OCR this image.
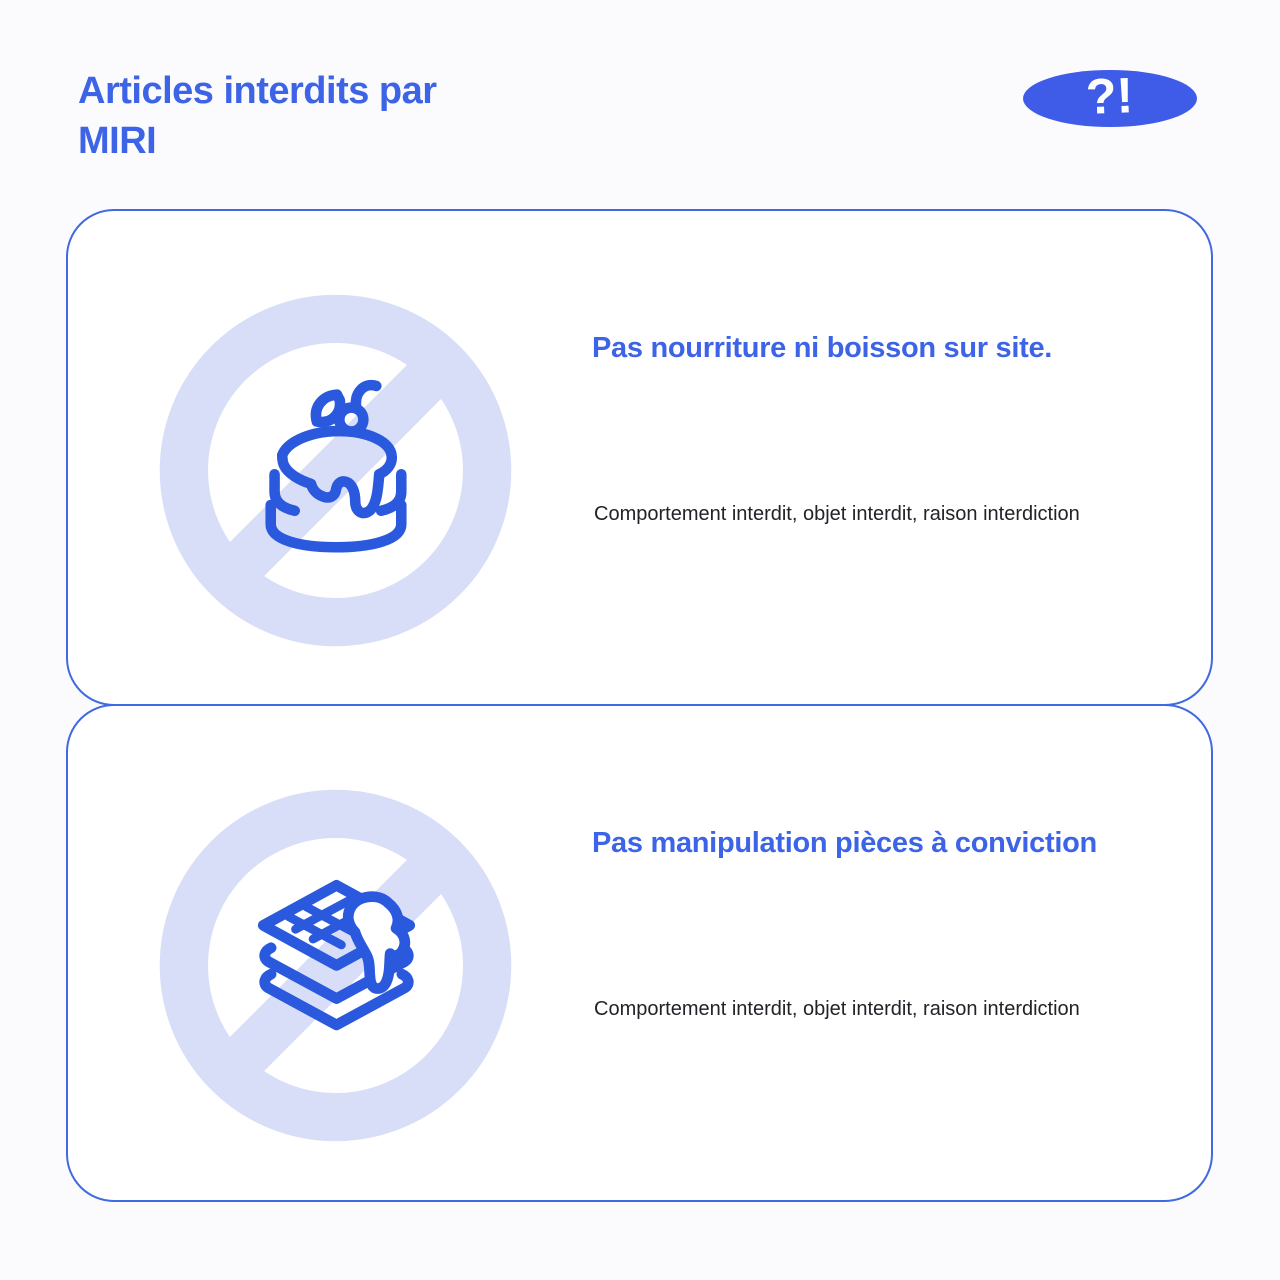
Articles interdits par
MIRI
?!
Pas nourriture ni boisson sur site.

Comportement interdit, objet interdit, raison interdiction

Pas manipulation pièces à conviction

Comportement interdit, objet interdit, raison interdiction
